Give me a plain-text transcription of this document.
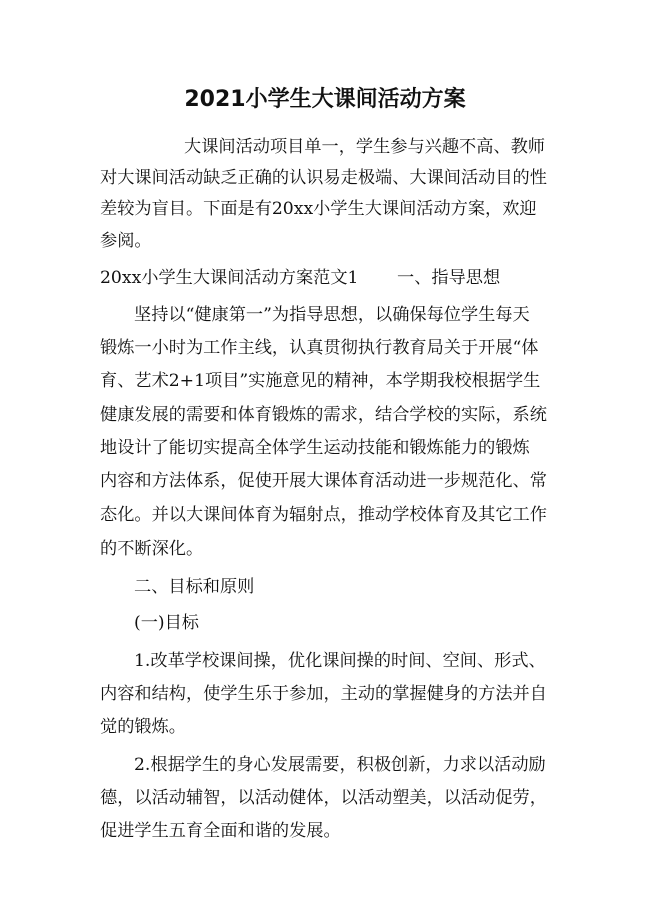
2021小学生大课间活动方案
大课间活动项目单一，学生参与兴趣不高、教师
对大课间活动缺乏正确的认识易走极端、大课间活动目的性
差较为盲目。下面是有20xx小学生大课间活动方案，欢迎
参阅。
20xx小学生大课间活动方案范文1 一、指导思想
坚持以“健康第一”为指导思想，以确保每位学生每天
锻炼一小时为工作主线，认真贯彻执行教育局关于开展“体
育、艺术2+1项目”实施意见的精神，本学期我校根据学生
健康发展的需要和体育锻炼的需求，结合学校的实际，系统
地设计了能切实提高全体学生运动技能和锻炼能力的锻炼
内容和方法体系，促使开展大课体育活动进一步规范化、常
态化。并以大课间体育为辐射点，推动学校体育及其它工作
的不断深化。
二、目标和原则
(一)目标
1.改革学校课间操，优化课间操的时间、空间、形式、
内容和结构，使学生乐于参加，主动的掌握健身的方法并自
觉的锻炼。
2.根据学生的身心发展需要，积极创新，力求以活动励
德，以活动辅智，以活动健体，以活动塑美，以活动促劳，
促进学生五育全面和谐的发展。
